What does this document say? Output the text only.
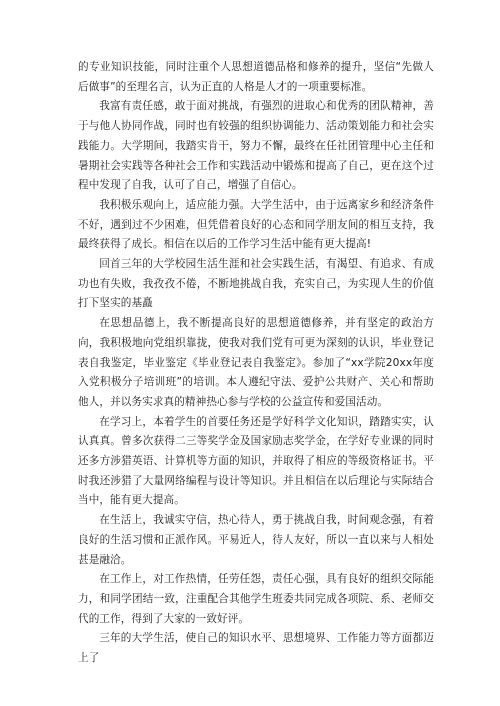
的专业知识技能，同时注重个人思想道德品格和修养的提升，坚信“先做人后做事”的至理名言，认为正直的人格是人才的一项重要标准。

我富有责任感，敢于面对挑战，有强烈的进取心和优秀的团队精神，善于与他人协同作战，同时也有较强的组织协调能力、活动策划能力和社会实践能力。大学期间，我踏实肯干，努力不懈，最终在任社团管理中心主任和暑期社会实践等各种社会工作和实践活动中锻炼和提高了自己，更在这个过程中发现了自我，认可了自己，增强了自信心。

我积极乐观向上，适应能力强。大学生活中，由于远离家乡和经济条件不好，遇到过不少困难，但凭借着良好的心态和同学朋友间的相互支持，我最终获得了成长。相信在以后的工作学习生活中能有更大提高!

回首三年的大学校园生活生涯和社会实践生活，有渴望、有追求、有成功也有失败，我孜孜不倦，不断地挑战自我，充实自己，为实现人生的价值打下坚实的基矗

在思想品德上，我不断提高良好的思想道德修养，并有坚定的政治方向，我积极地向党组织靠拢，使我对我们党有可更为深刻的认识，毕业登记表自我鉴定，毕业鉴定《毕业登记表自我鉴定》。参加了“xx学院20xx年度入党积极分子培训班”的培训。本人遵纪守法、爱护公共财产、关心和帮助他人，并以务实求真的精神热心参与学校的公益宣传和爱国活动。

在学习上，本着学生的首要任务还是学好科学文化知识，踏踏实实，认认真真。曾多次获得二三等奖学金及国家励志奖学金，在学好专业课的同时还多方涉猎英语、计算机等方面的知识，并取得了相应的等级资格证书。平时我还涉猎了大量网络编程与设计等知识。并且相信在以后理论与实际结合当中，能有更大提高。

在生活上，我诚实守信，热心待人，勇于挑战自我，时间观念强，有着良好的生活习惯和正派作风。平易近人，待人友好，所以一直以来与人相处甚是融洽。

在工作上，对工作热情，任劳任怨，责任心强，具有良好的组织交际能力，和同学团结一致，注重配合其他学生班委共同完成各项院、系、老师交代的工作，得到了大家的一致好评。

三年的大学生活，使自己的知识水平、思想境界、工作能力等方面都迈上了
